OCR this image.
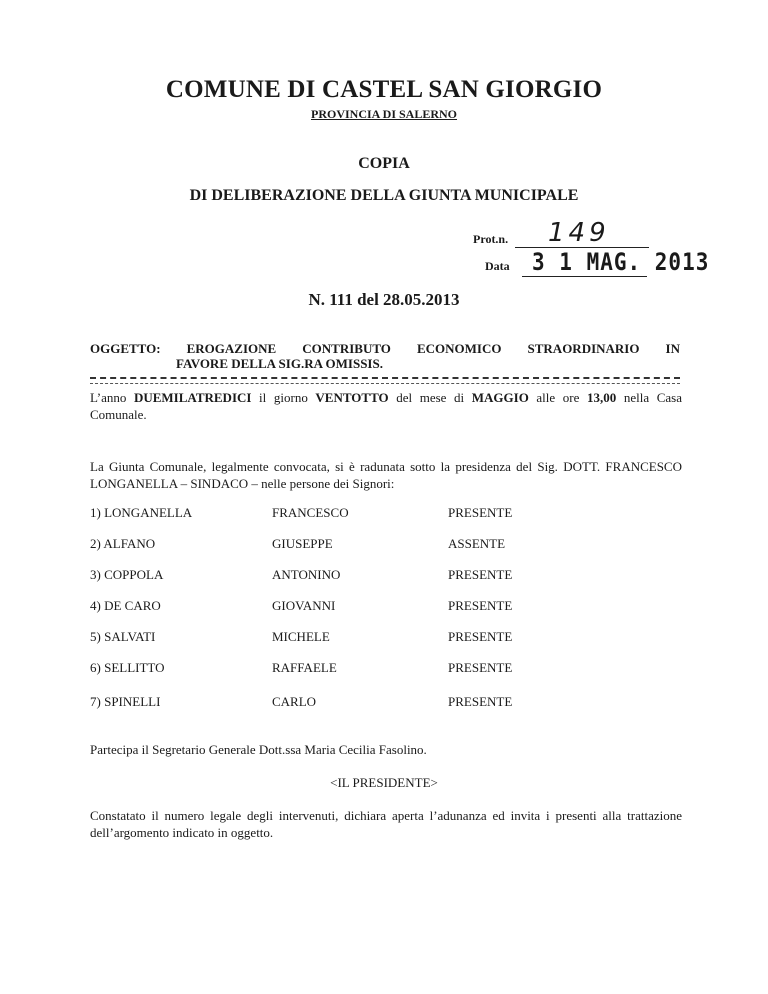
COMUNE DI CASTEL SAN GIORGIO
PROVINCIA DI SALERNO
COPIA
DI DELIBERAZIONE DELLA GIUNTA MUNICIPALE
Prot.n. 149
Data 3 1 MAG. 2013
N. 111 del 28.05.2013
OGGETTO: EROGAZIONE CONTRIBUTO ECONOMICO STRAORDINARIO IN
FAVORE DELLA SIG.RA OMISSIS.
L’anno DUEMILATREDICI il giorno VENTOTTO del mese di MAGGIO alle ore 13,00 nella Casa Comunale.
La Giunta Comunale, legalmente convocata, si è radunata sotto la presidenza del Sig. DOTT. FRANCESCO LONGANELLA – SINDACO – nelle persone dei Signori:
1) LONGANELLA	FRANCESCO	PRESENTE
2) ALFANO	GIUSEPPE	ASSENTE
3) COPPOLA	ANTONINO	PRESENTE
4) DE CARO	GIOVANNI	PRESENTE
5) SALVATI	MICHELE	PRESENTE
6) SELLITTO	RAFFAELE	PRESENTE
7) SPINELLI	CARLO	PRESENTE
Partecipa il Segretario Generale Dott.ssa Maria Cecilia Fasolino.
<IL PRESIDENTE>
Constatato il numero legale degli intervenuti, dichiara aperta l’adunanza ed invita i presenti alla trattazione dell’argomento indicato in oggetto.
